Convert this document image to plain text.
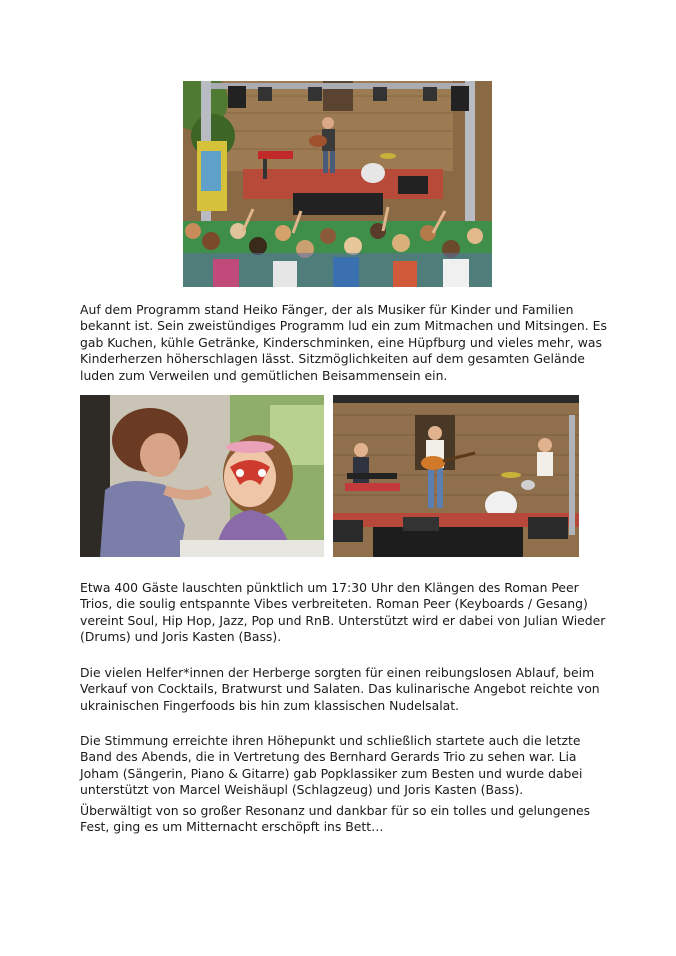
Auf dem Programm stand Heiko Fänger, der als Musiker für Kinder und Familien bekannt ist. Sein zweistündiges Programm lud ein zum Mitmachen und Mitsingen. Es gab Kuchen, kühle Getränke, Kinderschminken, eine Hüpfburg und vieles mehr, was Kinderherzen höherschlagen lässt. Sitzmöglichkeiten auf dem gesamten Gelände luden zum Verweilen und gemütlichen Beisammensein ein.

Etwa 400 Gäste lauschten pünktlich um 17:30 Uhr den Klängen des Roman Peer Trios, die soulig entspannte Vibes verbreiteten. Roman Peer (Keyboards / Gesang) vereint Soul, Hip Hop, Jazz, Pop und RnB. Unterstützt wird er dabei von Julian Wieder (Drums) und Joris Kasten (Bass).

Die vielen Helfer*innen der Herberge sorgten für einen reibungslosen Ablauf, beim Verkauf von Cocktails, Bratwurst und Salaten. Das kulinarische Angebot reichte von ukrainischen Fingerfoods bis hin zum klassischen Nudelsalat.

Die Stimmung erreichte ihren Höhepunkt und schließlich startete auch die letzte Band des Abends, die in Vertretung des Bernhard Gerards Trio zu sehen war. Lia Joham (Sängerin, Piano & Gitarre) gab Popklassiker zum Besten und wurde dabei unterstützt von Marcel Weishäupl (Schlagzeug) und Joris Kasten (Bass).

Überwältigt von so großer Resonanz und dankbar für so ein tolles und gelungenes Fest, ging es um Mitternacht erschöpft ins Bett…
